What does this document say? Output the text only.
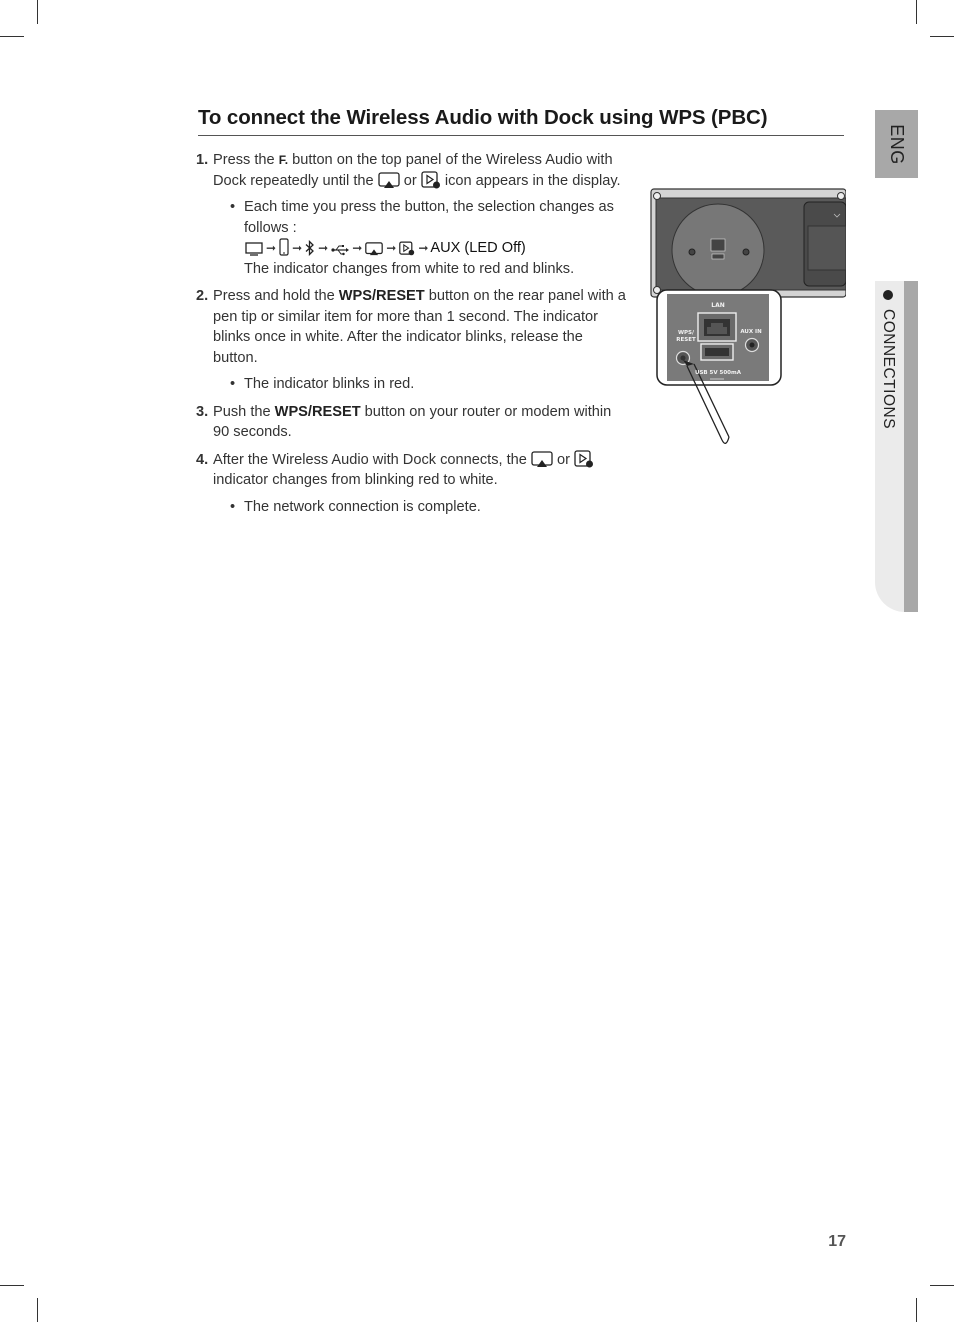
ENG
CONNECTIONS
To connect the Wireless Audio with Dock using WPS (PBC)
1. Press the F. button on the top panel of the Wireless Audio with Dock repeatedly until the
or
icon appears in the display.
• Each time you press the button, the selection changes as follows :

➞ ➞ ➞ ➞ ➞ ➞ AUX (LED Off)
The indicator changes from white to red and blinks.
2. Press and hold the WPS/RESET button on the rear panel with a pen tip or similar item for more than 1 second. The indicator blinks once in white. After the indicator blinks, release the button.
• The indicator blinks in red.
3. Push the WPS/RESET button on your router or modem within 90 seconds.
4. After the Wireless Audio with Dock connects, the
or
indicator changes from blinking red to white.
• The network connection is complete.
LAN
WPS/
RESET
AUX IN
USB 5V 500mA
17
